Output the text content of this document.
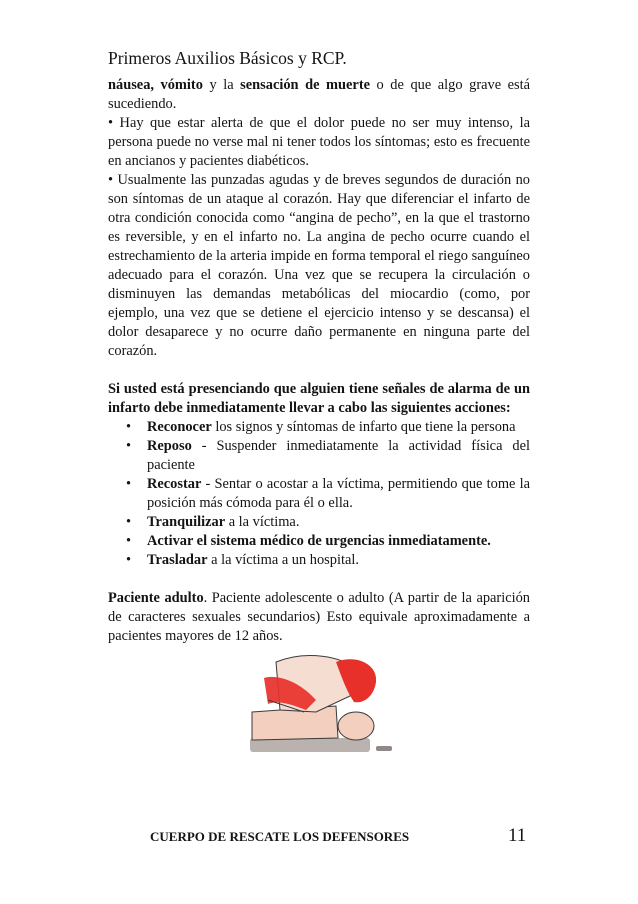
Primeros Auxilios Básicos y RCP.

náusea, vómito y la sensación de muerte o de que algo grave está sucediendo.

• Hay que estar alerta de que el dolor puede no ser muy intenso, la persona puede no verse mal ni tener todos los síntomas; esto es frecuente en ancianos y pacientes diabéticos.

• Usualmente las punzadas agudas y de breves segundos de duración no son síntomas de un ataque al corazón. Hay que diferenciar el infarto de otra condición conocida como “angina de pecho”, en la que el trastorno es reversible, y en el infarto no. La angina de pecho ocurre cuando el estrechamiento de la arteria impide en forma temporal el riego sanguíneo adecuado para el corazón. Una vez que se recupera la circulación o disminuyen las demandas metabólicas del miocardio (como, por ejemplo, una vez que se detiene el ejercicio intenso y se descansa) el dolor desaparece y no ocurre daño permanente en ninguna parte del corazón.

Si usted está presenciando que alguien tiene señales de alarma de un infarto debe inmediatamente llevar a cabo las siguientes acciones:

• Reconocer los signos y síntomas de infarto que tiene la persona
• Reposo - Suspender inmediatamente la actividad física del paciente
• Recostar - Sentar o acostar a la víctima, permitiendo que tome la posición más cómoda para él o ella.
• Tranquilizar a la víctima.
• Activar el sistema médico de urgencias inmediatamente.
• Trasladar a la víctima a un hospital.

Paciente adulto. Paciente adolescente o adulto (A partir de la aparición de caracteres sexuales secundarios) Esto equivale aproximadamente a pacientes mayores de 12 años.

CUERPO DE RESCATE LOS DEFENSORES	11
